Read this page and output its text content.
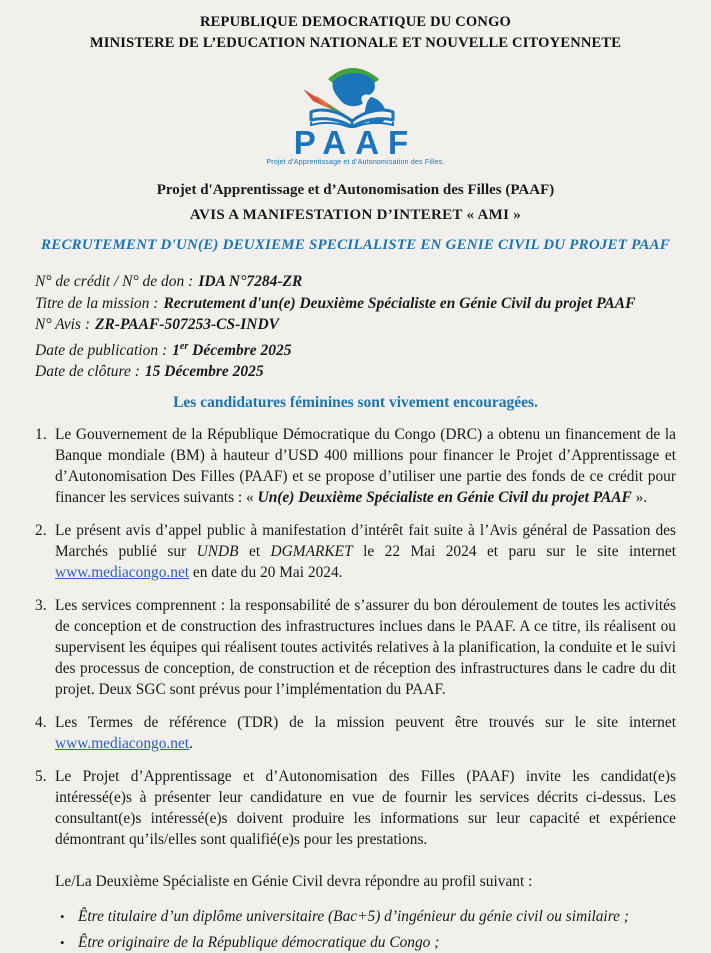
REPUBLIQUE DEMOCRATIQUE DU CONGO
MINISTERE DE L’EDUCATION NATIONALE ET NOUVELLE CITOYENNETE
PAAF
Projet d’Apprentissage et d’Autonomisation des Filles.
Projet d'Apprentissage et d’Autonomisation des Filles (PAAF)
AVIS A MANIFESTATION D’INTERET « AMI »
RECRUTEMENT D'UN(E) DEUXIEME SPECILALISTE EN GENIE CIVIL DU PROJET PAAF
N° de crédit / N° de don : IDA N°7284-ZR
Titre de la mission : Recrutement d'un(e) Deuxième Spécialiste en Génie Civil du projet PAAF
N° Avis : ZR-PAAF-507253-CS-INDV
Date de publication : 1er Décembre 2025
Date de clôture : 15 Décembre 2025
Les candidatures féminines sont vivement encouragées.
1. Le Gouvernement de la République Démocratique du Congo (DRC) a obtenu un financement de la Banque mondiale (BM) à hauteur d’USD 400 millions pour financer le Projet d’Apprentissage et d’Autonomisation Des Filles (PAAF) et se propose d’utiliser une partie des fonds de ce crédit pour financer les services suivants : « Un(e) Deuxième Spécialiste en Génie Civil du projet PAAF ».
2. Le présent avis d’appel public à manifestation d’intérêt fait suite à l’Avis général de Passation des Marchés publié sur UNDB et DGMARKET le 22 Mai 2024 et paru sur le site internet www.mediacongo.net en date du 20 Mai 2024.
3. Les services comprennent : la responsabilité de s’assurer du bon déroulement de toutes les activités de conception et de construction des infrastructures inclues dans le PAAF. A ce titre, ils réalisent ou supervisent les équipes qui réalisent toutes activités relatives à la planification, la conduite et le suivi des processus de conception, de construction et de réception des infrastructures dans le cadre du dit projet. Deux SGC sont prévus pour l’implémentation du PAAF.
4. Les Termes de référence (TDR) de la mission peuvent être trouvés sur le site internet www.mediacongo.net.
5. Le Projet d’Apprentissage et d’Autonomisation des Filles (PAAF) invite les candidat(e)s intéressé(e)s à présenter leur candidature en vue de fournir les services décrits ci-dessus. Les consultant(e)s intéressé(e)s doivent produire les informations sur leur capacité et expérience démontrant qu’ils/elles sont qualifié(e)s pour les prestations.
Le/La Deuxième Spécialiste en Génie Civil devra répondre au profil suivant :
• Être titulaire d’un diplôme universitaire (Bac+5) d’ingénieur du génie civil ou similaire ;
• Être originaire de la République démocratique du Congo ;
